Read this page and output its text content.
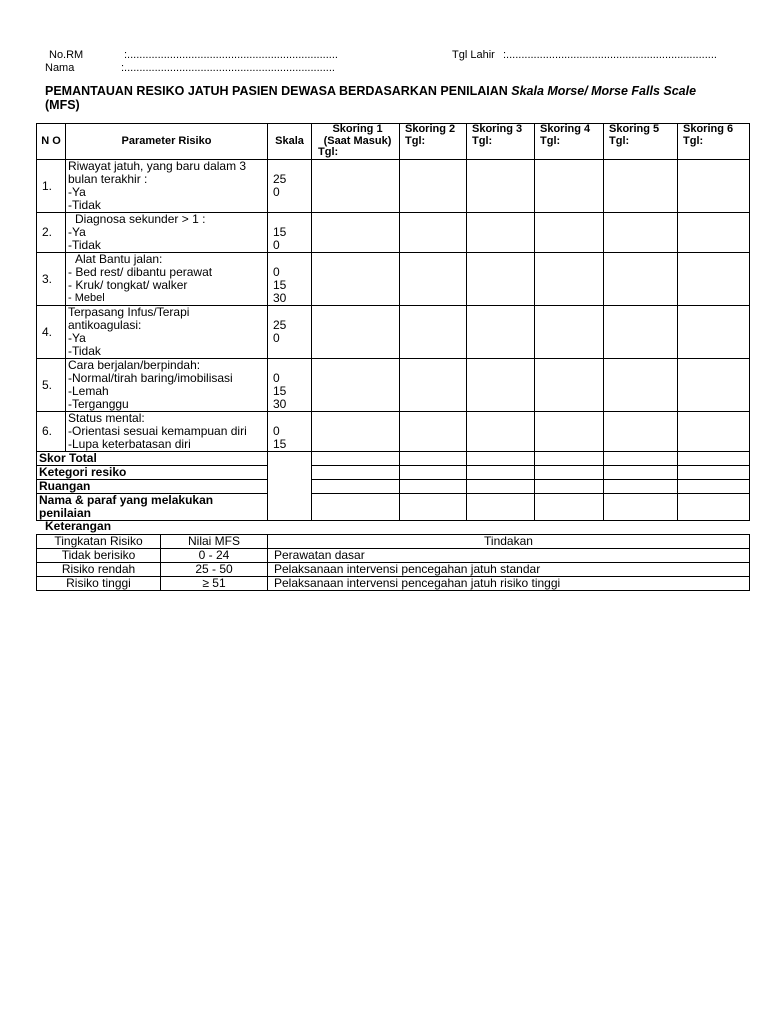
No.RM	:.....................................................................
Nama	:.....................................................................
Tgl Lahir :.....................................................................
PEMANTAUAN RESIKO JATUH PASIEN DEWASA BERDASARKAN PENILAIAN Skala Morse/ Morse Falls Scale
(MFS)
N O	Parameter Risiko	Skala	Skoring 1
(Saat Masuk)
Tgl:	Skoring 2
Tgl:	Skoring 3
Tgl:	Skoring 4
Tgl:	Skoring 5
Tgl:	Skoring 6
Tgl:

1.	Riwayat jatuh, yang baru dalam 3
bulan terakhir :
-Ya
-Tidak	25
0						

2.	Diagnosa sekunder > 1 :
-Ya
-Tidak	15
0						

3.	Alat Bantu jalan:
- Bed rest/ dibantu perawat
- Kruk/ tongkat/ walker
- Mebel	0
15
30						

4.	Terpasang Infus/Terapi
antikoagulasi:
-Ya
-Tidak	25
0						

5.	Cara berjalan/berpindah:
-Normal/tirah baring/imobilisasi
-Lemah
-Terganggu	0
15
30						

6.	Status mental:
-Orientasi sesuai kemampuan diri
-Lupa keterbatasan diri	0
15						

Skor Total								
Ketegori resiko								
Ruangan								
Nama & paraf yang melakukan penilaian								
Keterangan
Tingkatan Risiko	Nilai MFS	Tindakan
Tidak berisiko	0 - 24	Perawatan dasar
Risiko rendah	25 - 50	Pelaksanaan intervensi pencegahan jatuh standar
Risiko tinggi	≥ 51	Pelaksanaan intervensi pencegahan jatuh risiko tinggi
